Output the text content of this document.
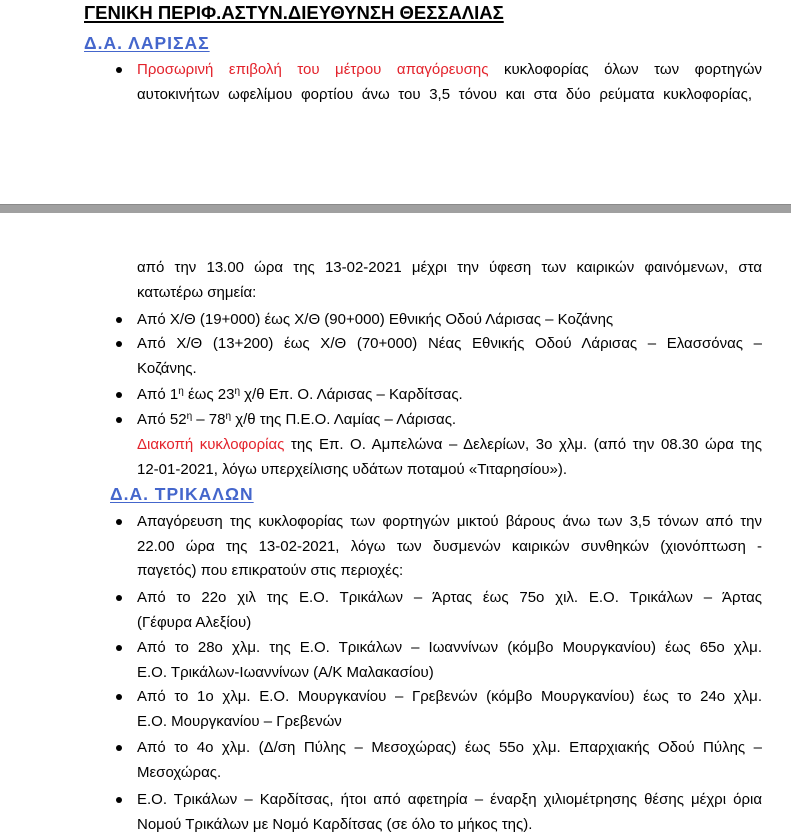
ΓΕΝΙΚΗ ΠΕΡΙΦ.ΑΣΤΥΝ.ΔΙΕΥΘΥΝΣΗ ΘΕΣΣΑΛΙΑΣ
Δ.Α. ΛΑΡΙΣΑΣ
Προσωρινή επιβολή του μέτρου απαγόρευσης κυκλοφορίας όλων των φορτηγών
αυτοκινήτων ωφελίμου φορτίου άνω του 3,5 τόνου και στα δύο ρεύματα κυκλοφορίας,
από την 13.00 ώρα της 13-02-2021 μέχρι την ύφεση των καιρικών φαινόμενων, στα
κατωτέρω σημεία:
Από Χ/Θ (19+000) έως Χ/Θ (90+000) Εθνικής Οδού Λάρισας – Κοζάνης
Από Χ/Θ (13+200) έως Χ/Θ (70+000) Νέας Εθνικής Οδού Λάρισας – Ελασσόνας –
Κοζάνης.
Από $1^\eta$ έως $23^\eta$ χ/θ Επ. Ο. Λάρισας – Καρδίτσας.
Από $52^\eta - 78^\eta$ χ/θ της Π.Ε.Ο. Λαμίας – Λάρισας.
Διακοπή κυκλοφορίας της Επ. Ο. Αμπελώνα – Δελερίων, 3ο χλμ. (από την 08.30 ώρα της
12-01-2021, λόγω υπερχείλισης υδάτων ποταμού «Τιταρησίου»).
Δ.Α. ΤΡΙΚΑΛΩΝ
Απαγόρευση της κυκλοφορίας των φορτηγών μικτού βάρους άνω των 3,5 τόνων από την
22.00 ώρα της 13-02-2021, λόγω των δυσμενών καιρικών συνθηκών (χιονόπτωση -
παγετός) που επικρατούν στις περιοχές:
Από το 22ο χιλ της Ε.Ο. Τρικάλων – Άρτας έως 75ο χιλ. Ε.Ο. Τρικάλων – Άρτας
(Γέφυρα Αλεξίου)
Από το 28ο χλμ. της Ε.Ο. Τρικάλων – Ιωαννίνων (κόμβο Μουργκανίου) έως 65ο χλμ.
Ε.Ο. Τρικάλων-Ιωαννίνων (Α/Κ Μαλακασίου)
Από το 1ο χλμ. Ε.Ο. Μουργκανίου – Γρεβενών (κόμβο Μουργκανίου) έως το 24ο χλμ.
Ε.Ο. Μουργκανίου – Γρεβενών
Από το 4ο χλμ. (Δ/ση Πύλης – Μεσοχώρας) έως 55ο χλμ. Επαρχιακής Οδού Πύλης –
Μεσοχώρας.
Ε.Ο. Τρικάλων – Καρδίτσας, ήτοι από αφετηρία – έναρξη χιλιομέτρησης θέσης μέχρι όρια
Νομού Τρικάλων με Νομό Καρδίτσας (σε όλο το μήκος της).
